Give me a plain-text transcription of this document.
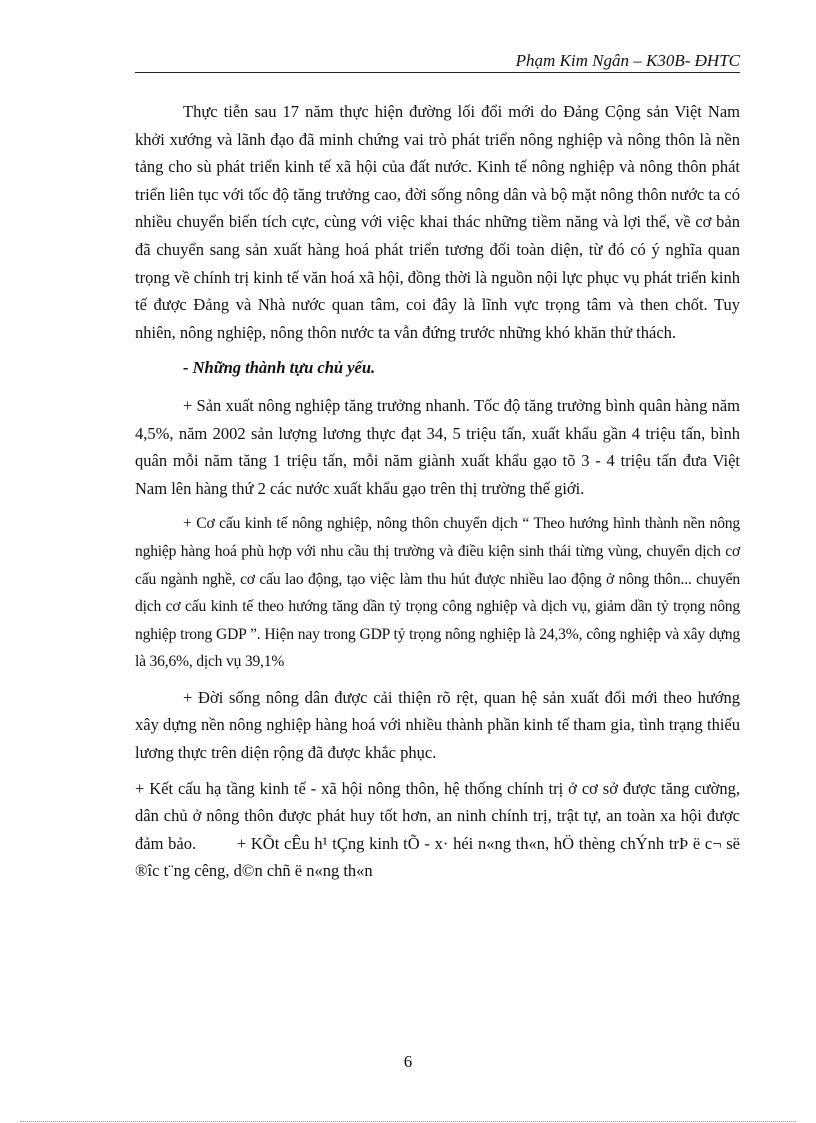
Phạm Kim Ngân – K30B- ĐHTC

Thực tiễn sau 17 năm thực hiện đường lối đổi mới do Đảng Cộng sản Việt Nam khởi xướng và lãnh đạo đã minh chứng vai trò phát triển nông nghiệp và nông thôn là nền tảng cho sù phát triển kinh tế xã hội của đất nước. Kinh tế nông nghiệp và nông thôn phát triển liên tục với tốc độ tăng trưởng cao, đời sống nông dân và bộ mặt nông thôn nước ta có nhiều chuyển biến tích cực, cùng với việc khai thác những tiềm năng và lợi thế, về cơ bản đã chuyển sang sản xuất hàng hoá phát triển tương đối toàn diện, từ đó có ý nghĩa quan trọng về chính trị kinh tế văn hoá xã hội, đồng thời là nguồn nội lực phục vụ phát triển kinh tế được Đảng và Nhà nước quan tâm, coi đây là lĩnh vực trọng tâm và then chốt. Tuy nhiên, nông nghiệp, nông thôn nước ta vẫn đứng trước những khó khăn thử thách.

- Những thành tựu chủ yếu.

+ Sản xuất nông nghiệp tăng trưởng nhanh. Tốc độ tăng trưởng bình quân hàng năm 4,5%, năm 2002 sản lượng lương thực đạt 34, 5 triệu tấn, xuất khẩu gần 4 triệu tấn, bình quân mỗi năm tăng 1 triệu tấn, mỗi năm giành xuất khẩu gạo tõ 3 - 4 triệu tấn đưa Việt Nam lên hàng thứ 2 các nước xuất khẩu gạo trên thị trường thế giới.

+ Cơ cấu kinh tế nông nghiệp, nông thôn chuyển dịch “ Theo hướng hình thành nền nông nghiệp hàng hoá phù hợp với nhu cầu thị trường và điều kiện sinh thái từng vùng, chuyển dịch cơ cấu ngành nghề, cơ cấu lao động, tạo việc làm thu hút được nhiều lao động ở nông thôn... chuyển dịch cơ cấu kinh tế theo hướng tăng dần tỷ trọng công nghiệp và dịch vụ, giảm dần tỷ trọng nông nghiệp trong GDP ”. Hiện nay trong GDP tỷ trọng nông nghiệp là 24,3%, công nghiệp và xây dựng là 36,6%, dịch vụ 39,1%

+ Đời sống nông dân được cải thiện rõ rệt, quan hệ sản xuất đổi mới theo hướng xây dựng nền nông nghiệp hàng hoá với nhiều thành phần kinh tế tham gia, tình trạng thiếu lương thực trên diện rộng đã được khắc phục.

+ Kết cấu hạ tầng kinh tế - xã hội nông thôn, hệ thống chính trị ở cơ sở được tăng cường, dân chủ ở nông thôn được phát huy tốt hơn, an ninh chính trị, trật tự, an toàn xa hội được đảm bảo. + KÕt cÊu h¹ tÇng kinh tÕ - x· héi n«ng th«n, hÖ thèng chÝnh trÞ ë c¬ së ®îc t¨ng cêng, d©n chñ ë n«ng th«n

6
